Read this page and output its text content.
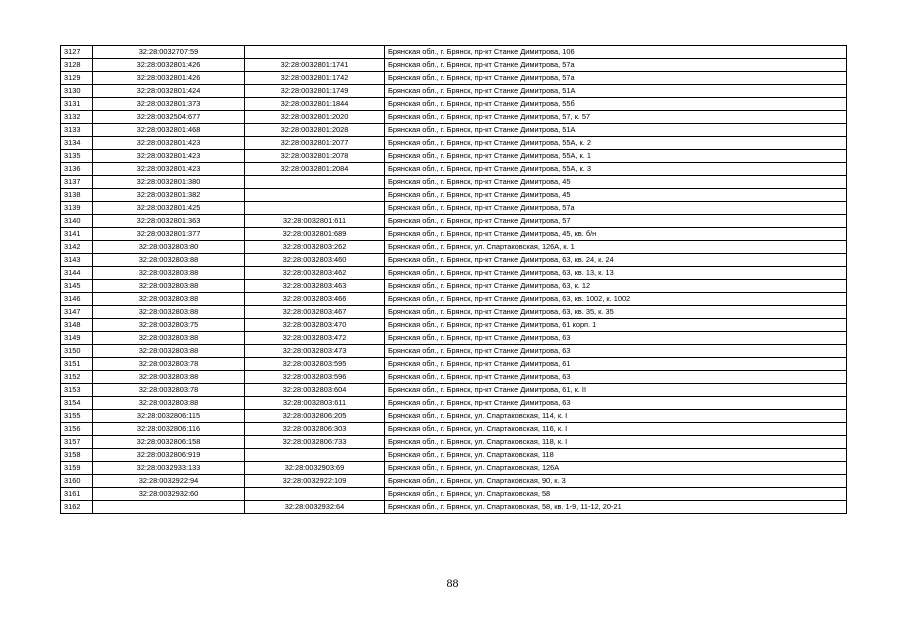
3127	32:28:0032707:59		Брянская обл., г. Брянск, пр-кт Станке Димитрова, 106
3128	32:28:0032801:426	32:28:0032801:1741	Брянская обл., г. Брянск, пр-кт Станке Димитрова, 57а
3129	32:28:0032801:426	32:28:0032801:1742	Брянская обл., г. Брянск, пр-кт Станке Димитрова, 57а
3130	32:28:0032801:424	32:28:0032801:1749	Брянская обл., г. Брянск, пр-кт Станке Димитрова, 51А
3131	32:28:0032801:373	32:28:0032801:1844	Брянская обл., г. Брянск, пр-кт Станке Димитрова, 55б
3132	32:28:0032504:677	32:28:0032801:2020	Брянская обл., г. Брянск, пр-кт Станке Димитрова, 57, к. 57
3133	32:28:0032801:468	32:28:0032801:2028	Брянская обл., г. Брянск, пр-кт Станке Димитрова, 51А
3134	32:28:0032801:423	32:28:0032801:2077	Брянская обл., г. Брянск, пр-кт Станке Димитрова, 55А, к. 2
3135	32:28:0032801:423	32:28:0032801:2078	Брянская обл., г. Брянск, пр-кт Станке Димитрова, 55А, к. 1
3136	32:28:0032801:423	32:28:0032801:2084	Брянская обл., г. Брянск, пр-кт Станке Димитрова, 55А, к. 3
3137	32:28:0032801:380		Брянская обл., г. Брянск, пр-кт Станке Димитрова, 45
3138	32:28:0032801:382		Брянская обл., г. Брянск, пр-кт Станке Димитрова, 45
3139	32:28:0032801:425		Брянская обл., г. Брянск, пр-кт Станке Димитрова, 57а
3140	32:28:0032801:363	32:28:0032801:611	Брянская обл., г. Брянск, пр-кт Станке Димитрова, 57
3141	32:28:0032801:377	32:28:0032801:689	Брянская обл., г. Брянск, пр-кт Станке Димитрова, 45, кв. б/н
3142	32:28:0032803:80	32:28:0032803:262	Брянская обл., г. Брянск, ул. Спартаковская, 126А, к. 1
3143	32:28:0032803:88	32:28:0032803:460	Брянская обл., г. Брянск, пр-кт Станке Димитрова, 63, кв. 24, к. 24
3144	32:28:0032803:88	32:28:0032803:462	Брянская обл., г. Брянск, пр-кт Станке Димитрова, 63, кв. 13, к. 13
3145	32:28:0032803:88	32:28:0032803:463	Брянская обл., г. Брянск, пр-кт Станке Димитрова, 63, к. 12
3146	32:28:0032803:88	32:28:0032803:466	Брянская обл., г. Брянск, пр-кт Станке Димитрова, 63, кв. 1002, к. 1002
3147	32:28:0032803:88	32:28:0032803:467	Брянская обл., г. Брянск, пр-кт Станке Димитрова, 63, кв. 35, к. 35
3148	32:28:0032803:75	32:28:0032803:470	Брянская обл., г. Брянск, пр-кт Станке Димитрова, 61 корп. 1
3149	32:28:0032803:88	32:28:0032803:472	Брянская обл., г. Брянск, пр-кт Станке Димитрова, 63
3150	32:28:0032803:88	32:28:0032803:473	Брянская обл., г. Брянск, пр-кт Станке Димитрова, 63
3151	32:28:0032803:78	32:28:0032803:595	Брянская обл., г. Брянск, пр-кт Станке Димитрова, 61
3152	32:28:0032803:88	32:28:0032803:596	Брянская обл., г. Брянск, пр-кт Станке Димитрова, 63
3153	32:28:0032803:78	32:28:0032803:604	Брянская обл., г. Брянск, пр-кт Станке Димитрова, 61, к. II
3154	32:28:0032803:88	32:28:0032803:611	Брянская обл., г. Брянск, пр-кт Станке Димитрова, 63
3155	32:28:0032806:115	32:28:0032806:205	Брянская обл., г. Брянск, ул. Спартаковская, 114, к. I
3156	32:28:0032806:116	32:28:0032806:303	Брянская обл., г. Брянск, ул. Спартаковская, 116, к. I
3157	32:28:0032806:158	32:28:0032806:733	Брянская обл., г. Брянск, ул. Спартаковская, 118, к. I
3158	32:28:0032806:919		Брянская обл., г. Брянск, ул. Спартаковская, 118
3159	32:28:0032933:133	32:28:0032903:69	Брянская обл., г. Брянск, ул. Спартаковская, 126А
3160	32:28:0032922:94	32:28:0032922:109	Брянская обл., г. Брянск, ул. Спартаковская, 90, к. 3
3161	32:28:0032932:60		Брянская обл., г. Брянск, ул. Спартаковская, 58
3162		32:28:0032932:64	Брянская обл., г. Брянск, ул. Спартаковская, 58, кв. 1-9, 11-12, 20-21
88
